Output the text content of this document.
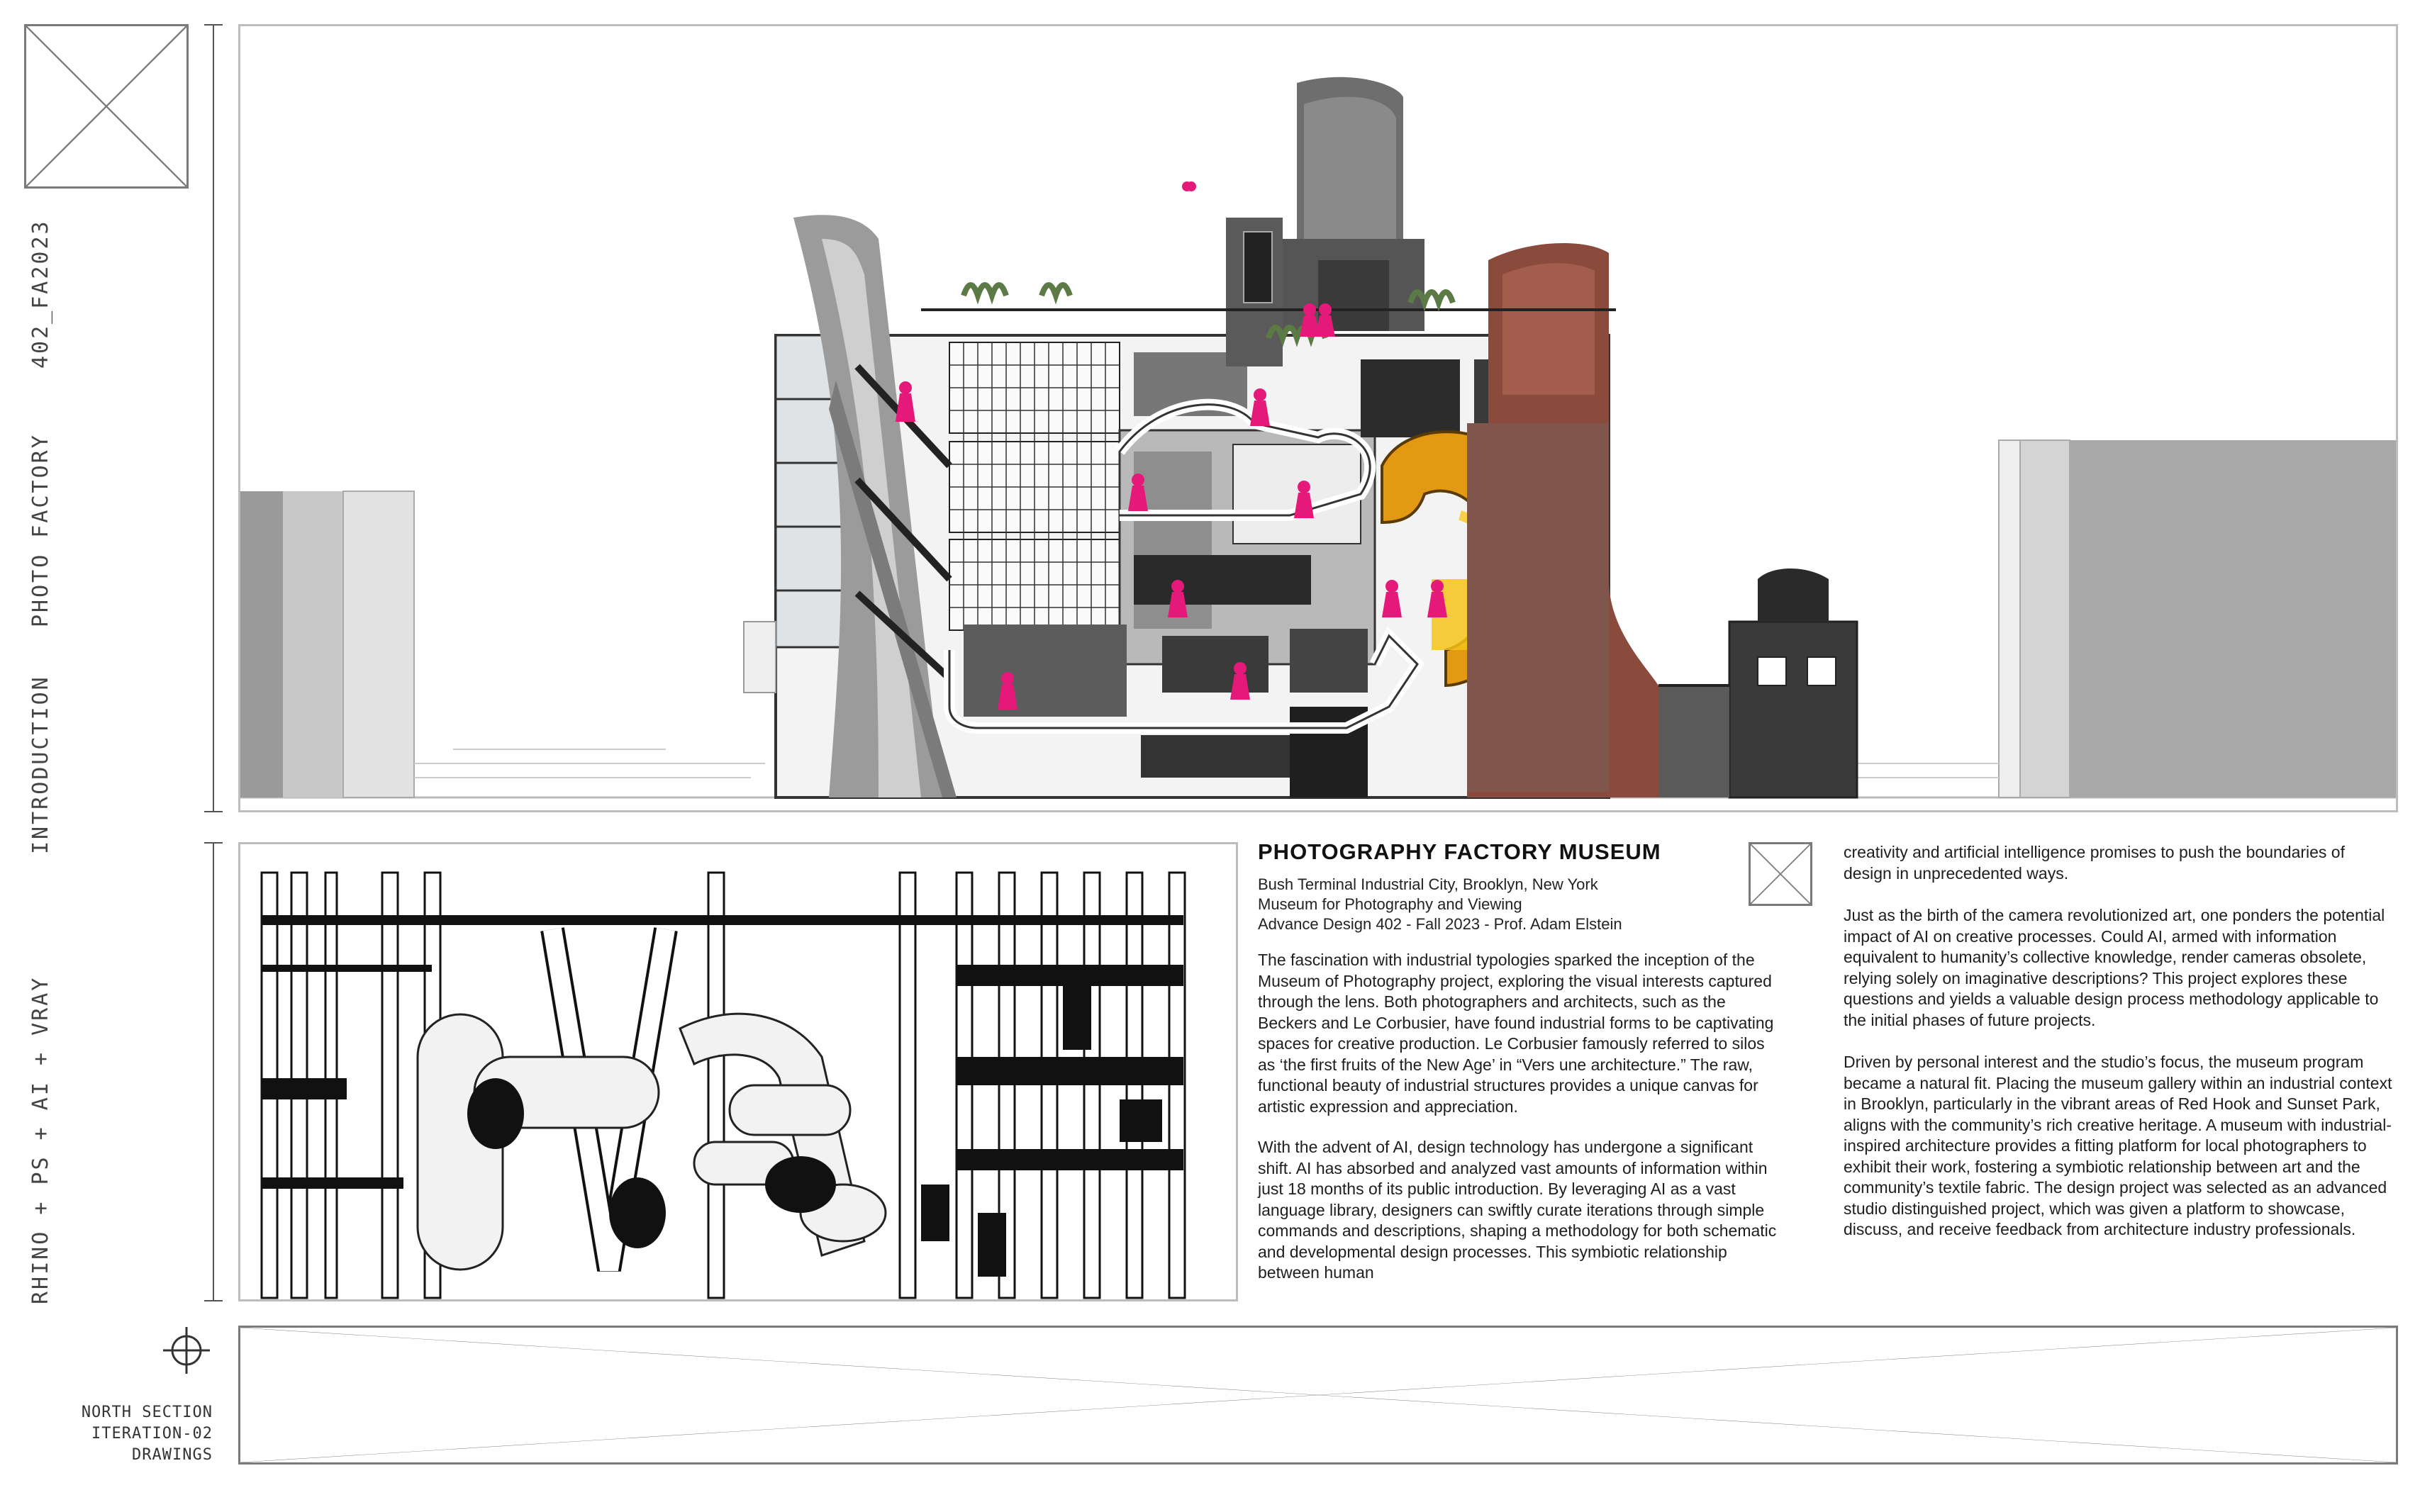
402_FA2023
PHOTO FACTORY
INTRODUCTION
RHINO + PS + AI + VRAY
NORTH SECTION
ITERATION-02
DRAWINGS
PHOTOGRAPHY FACTORY MUSEUM
Bush Terminal Industrial City, Brooklyn, New York
Museum for Photography and Viewing
Advance Design 402 - Fall 2023 - Prof. Adam Elstein

The fascination with industrial typologies sparked the inception of the Museum of Photography project, exploring the visual interests captured through the lens. Both photographers and architects, such as the Beckers and Le Corbusier, have found industrial forms to be captivating spaces for creative production. Le Corbusier famously referred to silos as ‘the first fruits of the New Age’ in “Vers une architecture.” The raw, functional beauty of industrial structures provides a unique canvas for artistic expression and appreciation.

With the advent of AI, design technology has undergone a significant shift. AI has absorbed and analyzed vast amounts of information within just 18 months of its public introduction. By leveraging AI as a vast language library, designers can swiftly curate iterations through simple commands and descriptions, shaping a methodology for both schematic and developmental design processes. This symbiotic relationship between human

creativity and artificial intelligence promises to push the boundaries of design in unprecedented ways.

Just as the birth of the camera revolutionized art, one ponders the potential impact of AI on creative processes. Could AI, armed with information equivalent to humanity’s collective knowledge, render cameras obsolete, relying solely on imaginative descriptions? This project explores these questions and yields a valuable design process methodology applicable to the initial phases of future projects.

Driven by personal interest and the studio’s focus, the museum program became a natural fit. Placing the museum gallery within an industrial context in Brooklyn, particularly in the vibrant areas of Red Hook and Sunset Park, aligns with the community’s rich creative heritage. A museum with industrial-inspired architecture provides a fitting platform for local photographers to exhibit their work, fostering a symbiotic relationship between art and the community’s textile fabric. The design project was selected as an advanced studio distinguished project, which was given a platform to showcase, discuss, and receive feedback from architecture industry professionals.
